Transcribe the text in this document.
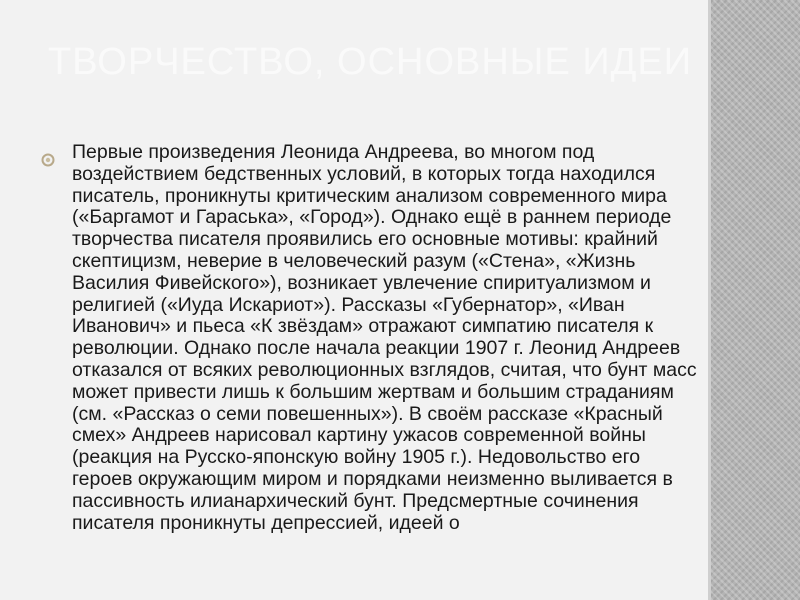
ТВОРЧЕСТВО, ОСНОВНЫЕ ИДЕИ

Первые произведения Леонида Андреева, во многом под воздействием бедственных условий, в которых тогда находился писатель, проникнуты критическим анализом современного мира («Баргамот и Гараська», «Город»). Однако ещё в раннем периоде творчества писателя проявились его основные мотивы: крайний скептицизм, неверие в человеческий разум («Стена», «Жизнь Василия Фивейского»), возникает увлечение спиритуализмом и религией («Иуда Искариот»). Рассказы «Губернатор», «Иван Иванович» и пьеса «К звёздам» отражают симпатию писателя к революции. Однако после начала реакции 1907 г. Леонид Андреев отказался от всяких революционных взглядов, считая, что бунт масс может привести лишь к большим жертвам и большим страданиям (см. «Рассказ о семи повешенных»). В своём рассказе «Красный смех» Андреев нарисовал картину ужасов современной войны (реакция на Русско-японскую войну 1905 г.). Недовольство его героев окружающим миром и порядками неизменно выливается в пассивность илианархический бунт. Предсмертные сочинения писателя проникнуты депрессией, идеей о
